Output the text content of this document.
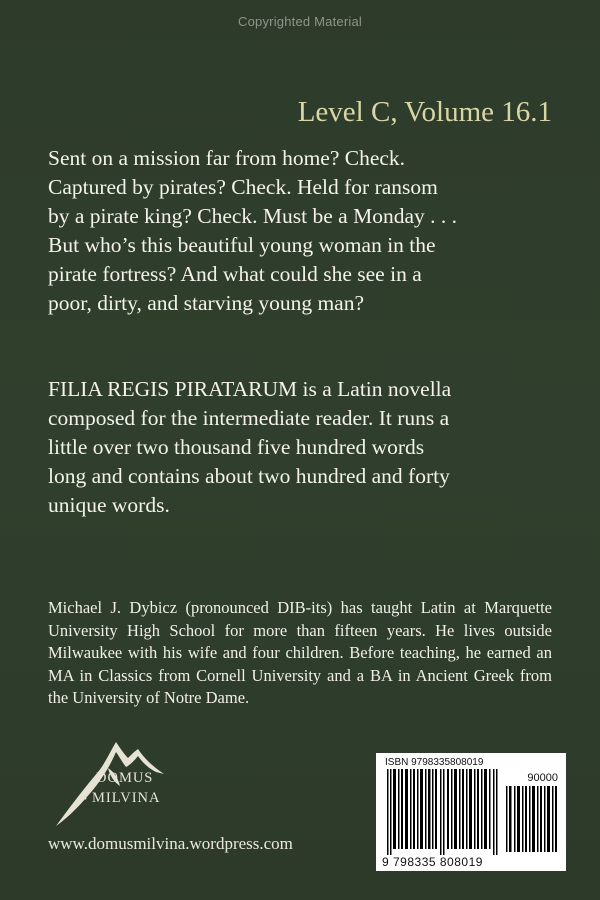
Copyrighted Material
Level C, Volume 16.1
Sent on a mission far from home? Check.
Captured by pirates? Check. Held for ransom
by a pirate king? Check. Must be a Monday . . .
But who’s this beautiful young woman in the
pirate fortress? And what could she see in a
poor, dirty, and starving young man?
FILIA REGIS PIRATARUM is a Latin novella
composed for the intermediate reader. It runs a
little over two thousand five hundred words
long and contains about two hundred and forty
unique words.
Michael J. Dybicz (pronounced DIB-its) has taught Latin at Marquette University High School for more than fifteen years. He lives outside Milwaukee with his wife and four children. Before teaching, he earned an MA in Classics from Cornell University and a BA in Ancient Greek from the University of Notre Dame.
DOMUS
MILVINA
www.domusmilvina.wordpress.com
ISBN 9798335808019
90000
9 798335 808019
